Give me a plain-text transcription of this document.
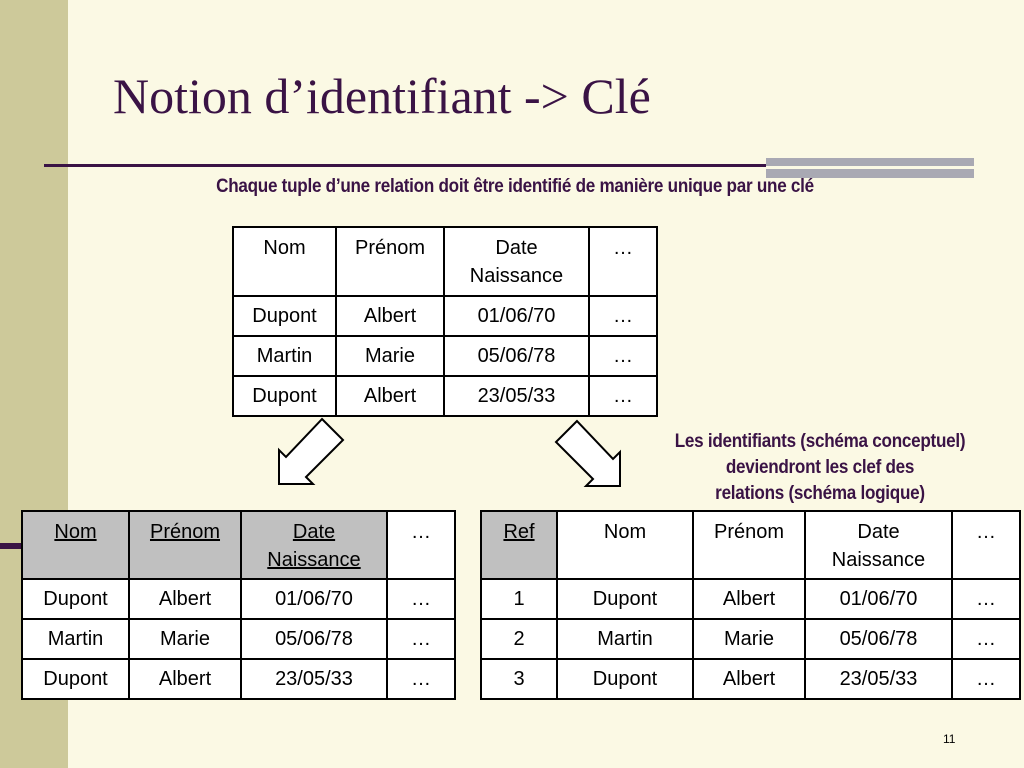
Notion d’identifiant -> Clé

Chaque tuple d’une relation doit être identifié de manière unique par une clé

Nom	Prénom	Date Naissance	…
Dupont	Albert	01/06/70	…
Martin	Marie	05/06/78	…
Dupont	Albert	23/05/33	…

Les identifiants (schéma conceptuel)
deviendront les clef des
relations (schéma logique)

Nom	Prénom	Date Naissance	…
Dupont	Albert	01/06/70	…
Martin	Marie	05/06/78	…
Dupont	Albert	23/05/33	…
Ref	Nom	Prénom	Date Naissance	…
1	Dupont	Albert	01/06/70	…
2	Martin	Marie	05/06/78	…
3	Dupont	Albert	23/05/33	…
11
